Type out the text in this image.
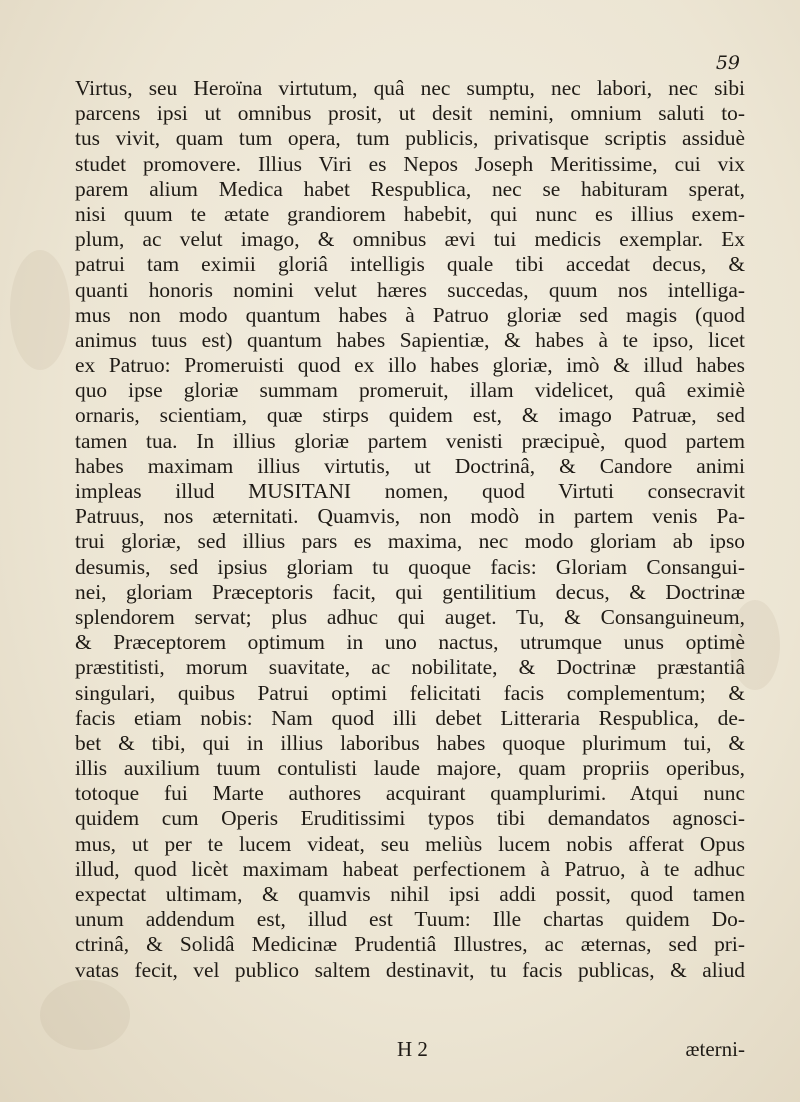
59
Virtus, seu Heroïna virtutum, quâ nec sumptu, nec labori, nec sibi
parcens ipsi ut omnibus prosit, ut desit nemini, omnium saluti to-
tus vivit, quam tum opera, tum publicis, privatisque scriptis assiduè
studet promovere. Illius Viri es Nepos Joseph Meritissime, cui vix
parem alium Medica habet Respublica, nec se habituram sperat,
nisi quum te ætate grandiorem habebit, qui nunc es illius exem-
plum, ac velut imago, & omnibus ævi tui medicis exemplar. Ex
patrui tam eximii gloriâ intelligis quale tibi accedat decus, &
quanti honoris nomini velut hæres succedas, quum nos intelliga-
mus non modo quantum habes à Patruo gloriæ sed magis (quod
animus tuus est) quantum habes Sapientiæ, & habes à te ipso, licet
ex Patruo: Promeruisti quod ex illo habes gloriæ, imò & illud habes
quo ipse gloriæ summam promeruit, illam videlicet, quâ eximiè
ornaris, scientiam, quæ stirps quidem est, & imago Patruæ, sed
tamen tua. In illius gloriæ partem venisti præcipuè, quod partem
habes maximam illius virtutis, ut Doctrinâ, & Candore animi
impleas illud MUSITANI nomen, quod Virtuti consecravit
Patruus, nos æternitati. Quamvis, non modò in partem venis Pa-
trui gloriæ, sed illius pars es maxima, nec modo gloriam ab ipso
desumis, sed ipsius gloriam tu quoque facis: Gloriam Consangui-
nei, gloriam Præceptoris facit, qui gentilitium decus, & Doctrinæ
splendorem servat; plus adhuc qui auget. Tu, & Consanguineum,
& Præceptorem optimum in uno nactus, utrumque unus optimè
præstitisti, morum suavitate, ac nobilitate, & Doctrinæ præstantiâ
singulari, quibus Patrui optimi felicitati facis complementum; &
facis etiam nobis: Nam quod illi debet Litteraria Respublica, de-
bet & tibi, qui in illius laboribus habes quoque plurimum tui, &
illis auxilium tuum contulisti laude majore, quam propriis operibus,
totoque fui Marte authores acquirant quamplurimi. Atqui nunc
quidem cum Operis Eruditissimi typos tibi demandatos agnosci-
mus, ut per te lucem videat, seu meliùs lucem nobis afferat Opus
illud, quod licèt maximam habeat perfectionem à Patruo, à te adhuc
expectat ultimam, & quamvis nihil ipsi addi possit, quod tamen
unum addendum est, illud est Tuum: Ille chartas quidem Do-
ctrinâ, & Solidâ Medicinæ Prudentiâ Illustres, ac æternas, sed pri-
vatas fecit, vel publico saltem destinavit, tu facis publicas, & aliud
H 2	æterni-
